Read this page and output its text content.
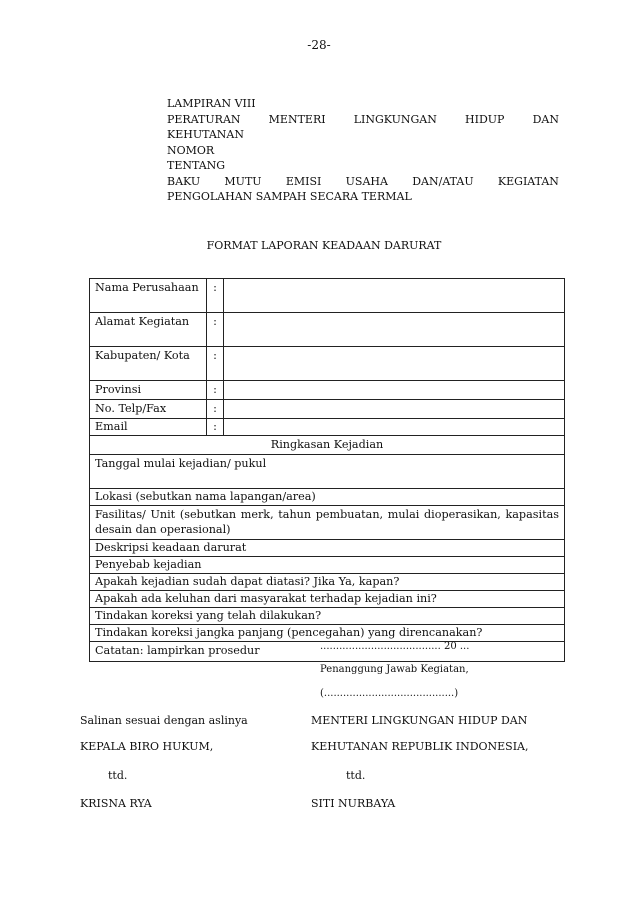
-28-
LAMPIRAN VIII
PERATURAN	MENTERI	LINGKUNGAN	HIDUP	DAN
KEHUTANAN
NOMOR
TENTANG
BAKU MUTU EMISI USAHA DAN/ATAU KEGIATAN
PENGOLAHAN SAMPAH SECARA TERMAL
FORMAT LAPORAN KEADAAN DARURAT
Nama Perusahaan	:	
Alamat Kegiatan	:	
Kabupaten/ Kota	:	
Provinsi	:	
No. Telp/Fax	:	
Email	:	
Ringkasan Kejadian		
Tanggal mulai kejadian/ pukul		
Lokasi (sebutkan nama lapangan/area)		
Fasilitas/ Unit (sebutkan merk, tahun pembuatan, mulai dioperasikan, kapasitas desain dan operasional)		
Deskripsi keadaan darurat		
Penyebab kejadian		
Apakah kejadian sudah dapat diatasi? Jika Ya, kapan?		
Apakah ada keluhan dari masyarakat terhadap kejadian ini?		
Tindakan koreksi yang telah dilakukan?		
Tindakan koreksi jangka panjang (pencegahan) yang direncanakan?		
Catatan: lampirkan prosedur			...................................... 20 ...
Penanggung Jawab Kegiatan,
(.........................................)
Salinan sesuai dengan aslinya
KEPALA BIRO HUKUM,
ttd.
KRISNA RYA
MENTERI LINGKUNGAN HIDUP DAN
KEHUTANAN REPUBLIK INDONESIA,
ttd.
SITI NURBAYA
